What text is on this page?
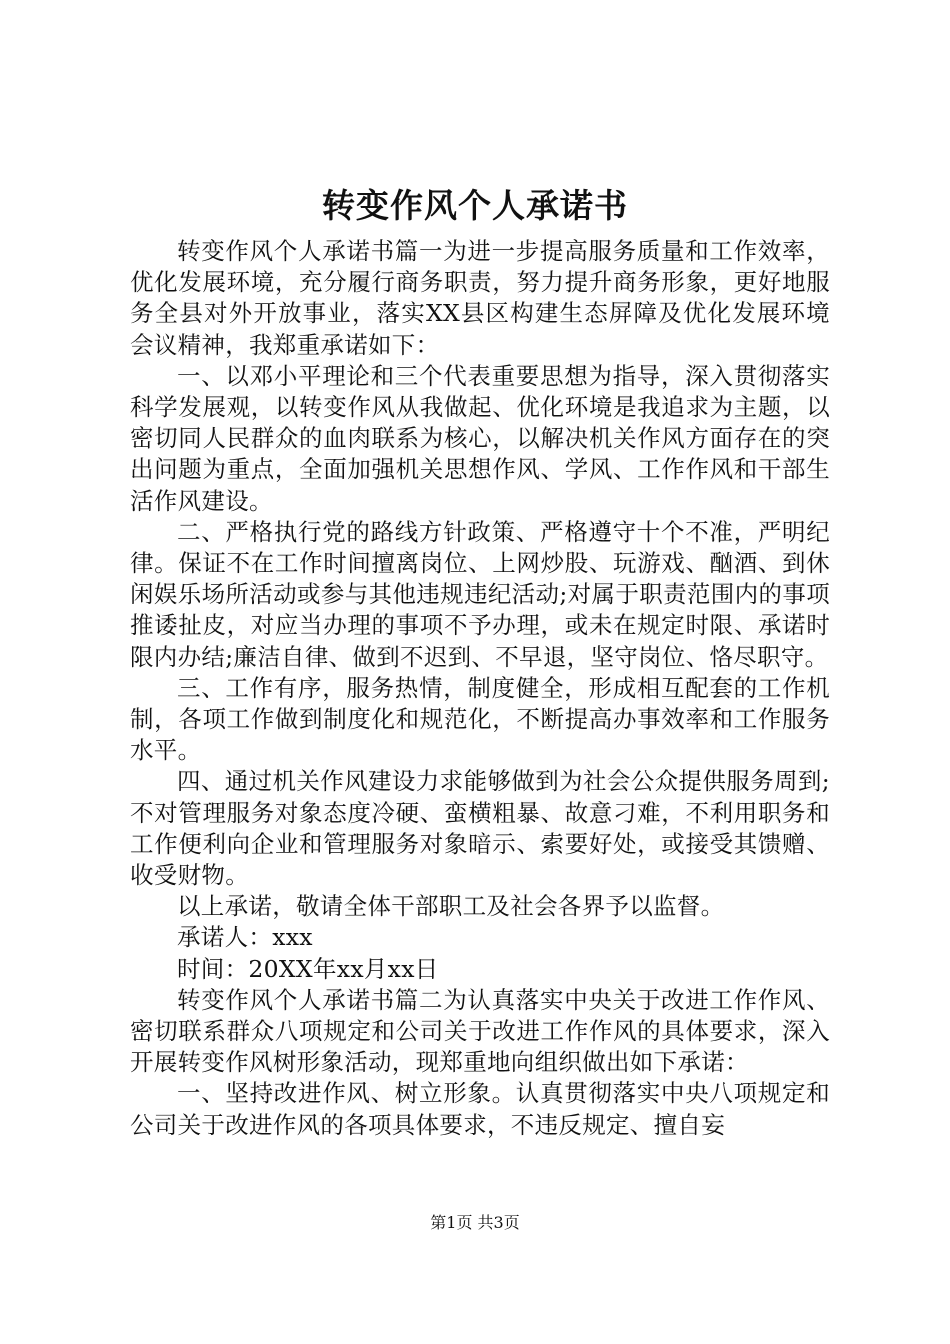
转变作风个人承诺书

转变作风个人承诺书篇一为进一步提高服务质量和工作效率，优化发展环境，充分履行商务职责，努力提升商务形象，更好地服务全县对外开放事业，落实XX县区构建生态屏障及优化发展环境会议精神，我郑重承诺如下：

一、以邓小平理论和三个代表重要思想为指导，深入贯彻落实科学发展观，以转变作风从我做起、优化环境是我追求为主题，以密切同人民群众的血肉联系为核心，以解决机关作风方面存在的突出问题为重点，全面加强机关思想作风、学风、工作作风和干部生活作风建设。

二、严格执行党的路线方针政策、严格遵守十个不准，严明纪律。保证不在工作时间擅离岗位、上网炒股、玩游戏、酗酒、到休闲娱乐场所活动或参与其他违规违纪活动;对属于职责范围内的事项推诿扯皮，对应当办理的事项不予办理，或未在规定时限、承诺时限内办结;廉洁自律、做到不迟到、不早退，坚守岗位、恪尽职守。

三、工作有序，服务热情，制度健全，形成相互配套的工作机制，各项工作做到制度化和规范化，不断提高办事效率和工作服务水平。

四、通过机关作风建设力求能够做到为社会公众提供服务周到;不对管理服务对象态度冷硬、蛮横粗暴、故意刁难，不利用职务和工作便利向企业和管理服务对象暗示、索要好处，或接受其馈赠、收受财物。

以上承诺，敬请全体干部职工及社会各界予以监督。

承诺人：xxx

时间：20XX年xx月xx日

转变作风个人承诺书篇二为认真落实中央关于改进工作作风、密切联系群众八项规定和公司关于改进工作作风的具体要求，深入开展转变作风树形象活动，现郑重地向组织做出如下承诺：

一、坚持改进作风、树立形象。认真贯彻落实中央八项规定和公司关于改进作风的各项具体要求，不违反规定、擅自妄

第1页 共3页
